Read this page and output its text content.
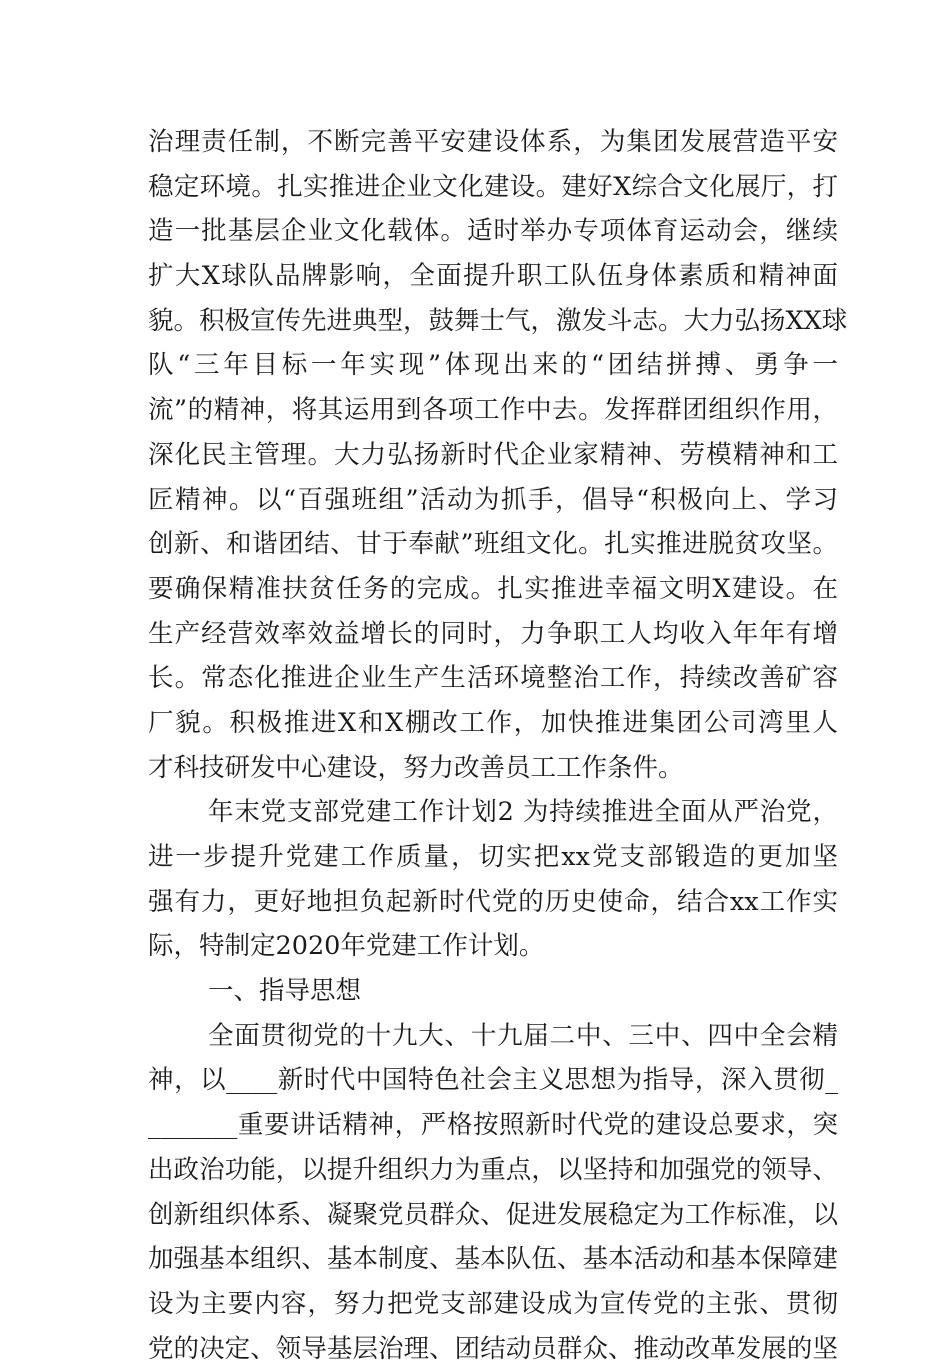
治理责任制，不断完善平安建设体系，为集团发展营造平安
稳定环境。扎实推进企业文化建设。建好X综合文化展厅，打
造一批基层企业文化载体。适时举办专项体育运动会，继续
扩大X球队品牌影响，全面提升职工队伍身体素质和精神面
貌。积极宣传先进典型，鼓舞士气，激发斗志。大力弘扬XX球
队“三年目标一年实现”体现出来的“团结拼搏、勇争一
流”的精神，将其运用到各项工作中去。发挥群团组织作用，
深化民主管理。大力弘扬新时代企业家精神、劳模精神和工
匠精神。以“百强班组”活动为抓手，倡导“积极向上、学习
创新、和谐团结、甘于奉献”班组文化。扎实推进脱贫攻坚。
要确保精准扶贫任务的完成。扎实推进幸福文明X建设。在
生产经营效率效益增长的同时，力争职工人均收入年年有增
长。常态化推进企业生产生活环境整治工作，持续改善矿容
厂貌。积极推进X和X棚改工作，加快推进集团公司湾里人
才科技研发中心建设，努力改善员工工作条件。
年末党支部党建工作计划2 为持续推进全面从严治党，
进一步提升党建工作质量，切实把xx党支部锻造的更加坚
强有力，更好地担负起新时代党的历史使命，结合xx工作实
际，特制定2020年党建工作计划。
一、指导思想
全面贯彻党的十九大、十九届二中、三中、四中全会精
神，以____新时代中国特色社会主义思想为指导，深入贯彻_
_______重要讲话精神，严格按照新时代党的建设总要求，突
出政治功能，以提升组织力为重点，以坚持和加强党的领导、
创新组织体系、凝聚党员群众、促进发展稳定为工作标准，以
加强基本组织、基本制度、基本队伍、基本活动和基本保障建
设为主要内容，努力把党支部建设成为宣传党的主张、贯彻
党的决定、领导基层治理、团结动员群众、推动改革发展的坚
